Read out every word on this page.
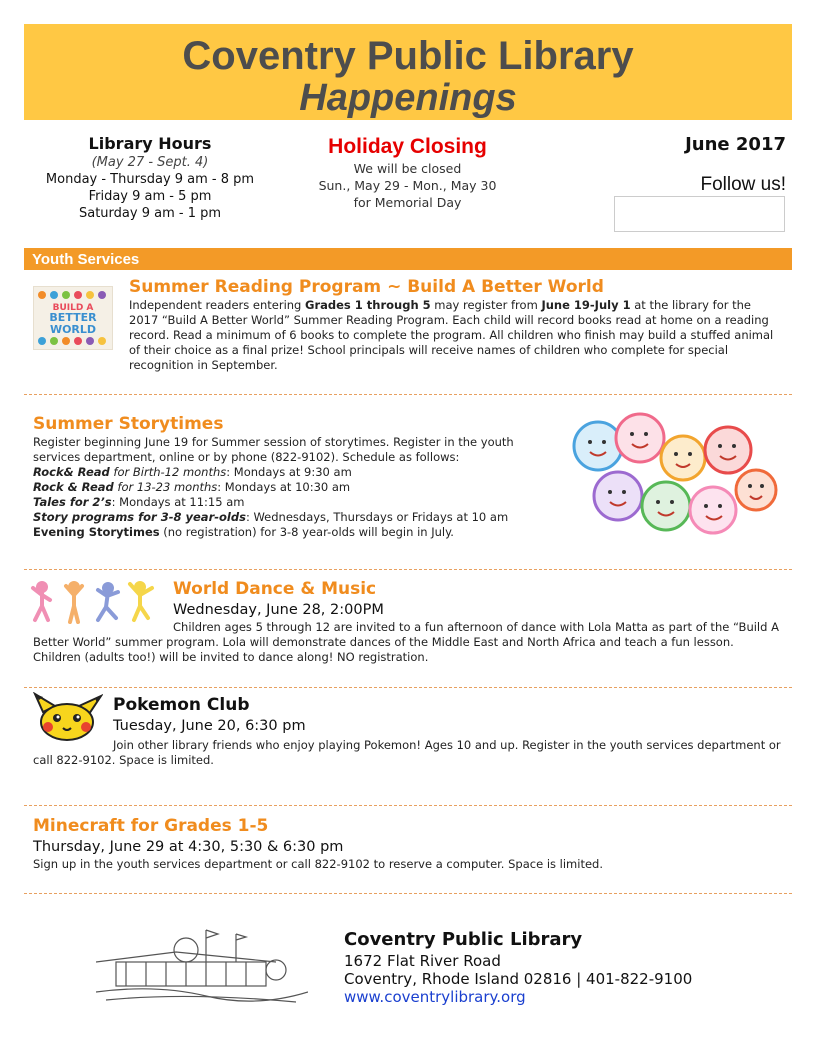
Coventry Public Library
Happenings
Library Hours
(May 27 - Sept. 4)
Monday - Thursday 9 am - 8 pm
Friday 9 am - 5 pm
Saturday 9 am - 1 pm
Holiday Closing
We will be closed
Sun., May 29 - Mon., May 30
for Memorial Day
June 2017
Follow us!
Youth Services
BUILD A
BETTER
WORLD
Summer Reading Program ~ Build A Better World
Independent readers entering Grades 1 through 5 may register from June 19-July 1 at the library for the 2017 “Build A Better World” Summer Reading Program. Each child will record books read at home on a reading record. Read a minimum of 6 books to complete the program. All children who finish may build a stuffed animal of their choice as a final prize! School principals will receive names of children who complete for special recognition in September.
Summer Storytimes
Register beginning June 19 for Summer session of storytimes. Register in the youth services department, online or by phone (822-9102). Schedule as follows:
Rock& Read for Birth-12 months: Mondays at 9:30 am
Rock & Read for 13-23 months: Mondays at 10:30 am
Tales for 2’s: Mondays at 11:15 am
Story programs for 3-8 year-olds: Wednesdays, Thursdays or Fridays at 10 am
Evening Storytimes (no registration) for 3-8 year-olds will begin in July.
World Dance & Music
Wednesday, June 28, 2:00PM
Children ages 5 through 12 are invited to a fun afternoon of dance with Lola Matta as part of the “Build A Better World” summer program. Lola will demonstrate dances of the Middle East and North Africa and teach a fun lesson. Children (adults too!) will be invited to dance along! NO registration.
Pokemon Club
Tuesday, June 20, 6:30 pm
Join other library friends who enjoy playing Pokemon! Ages 10 and up. Register in the youth services department or call 822-9102. Space is limited.
Minecraft for Grades 1-5
Thursday, June 29 at 4:30, 5:30 & 6:30 pm
Sign up in the youth services department or call 822-9102 to reserve a computer. Space is limited.
Coventry Public Library
1672 Flat River Road
Coventry, Rhode Island 02816 | 401-822-9100
www.coventrylibrary.org
